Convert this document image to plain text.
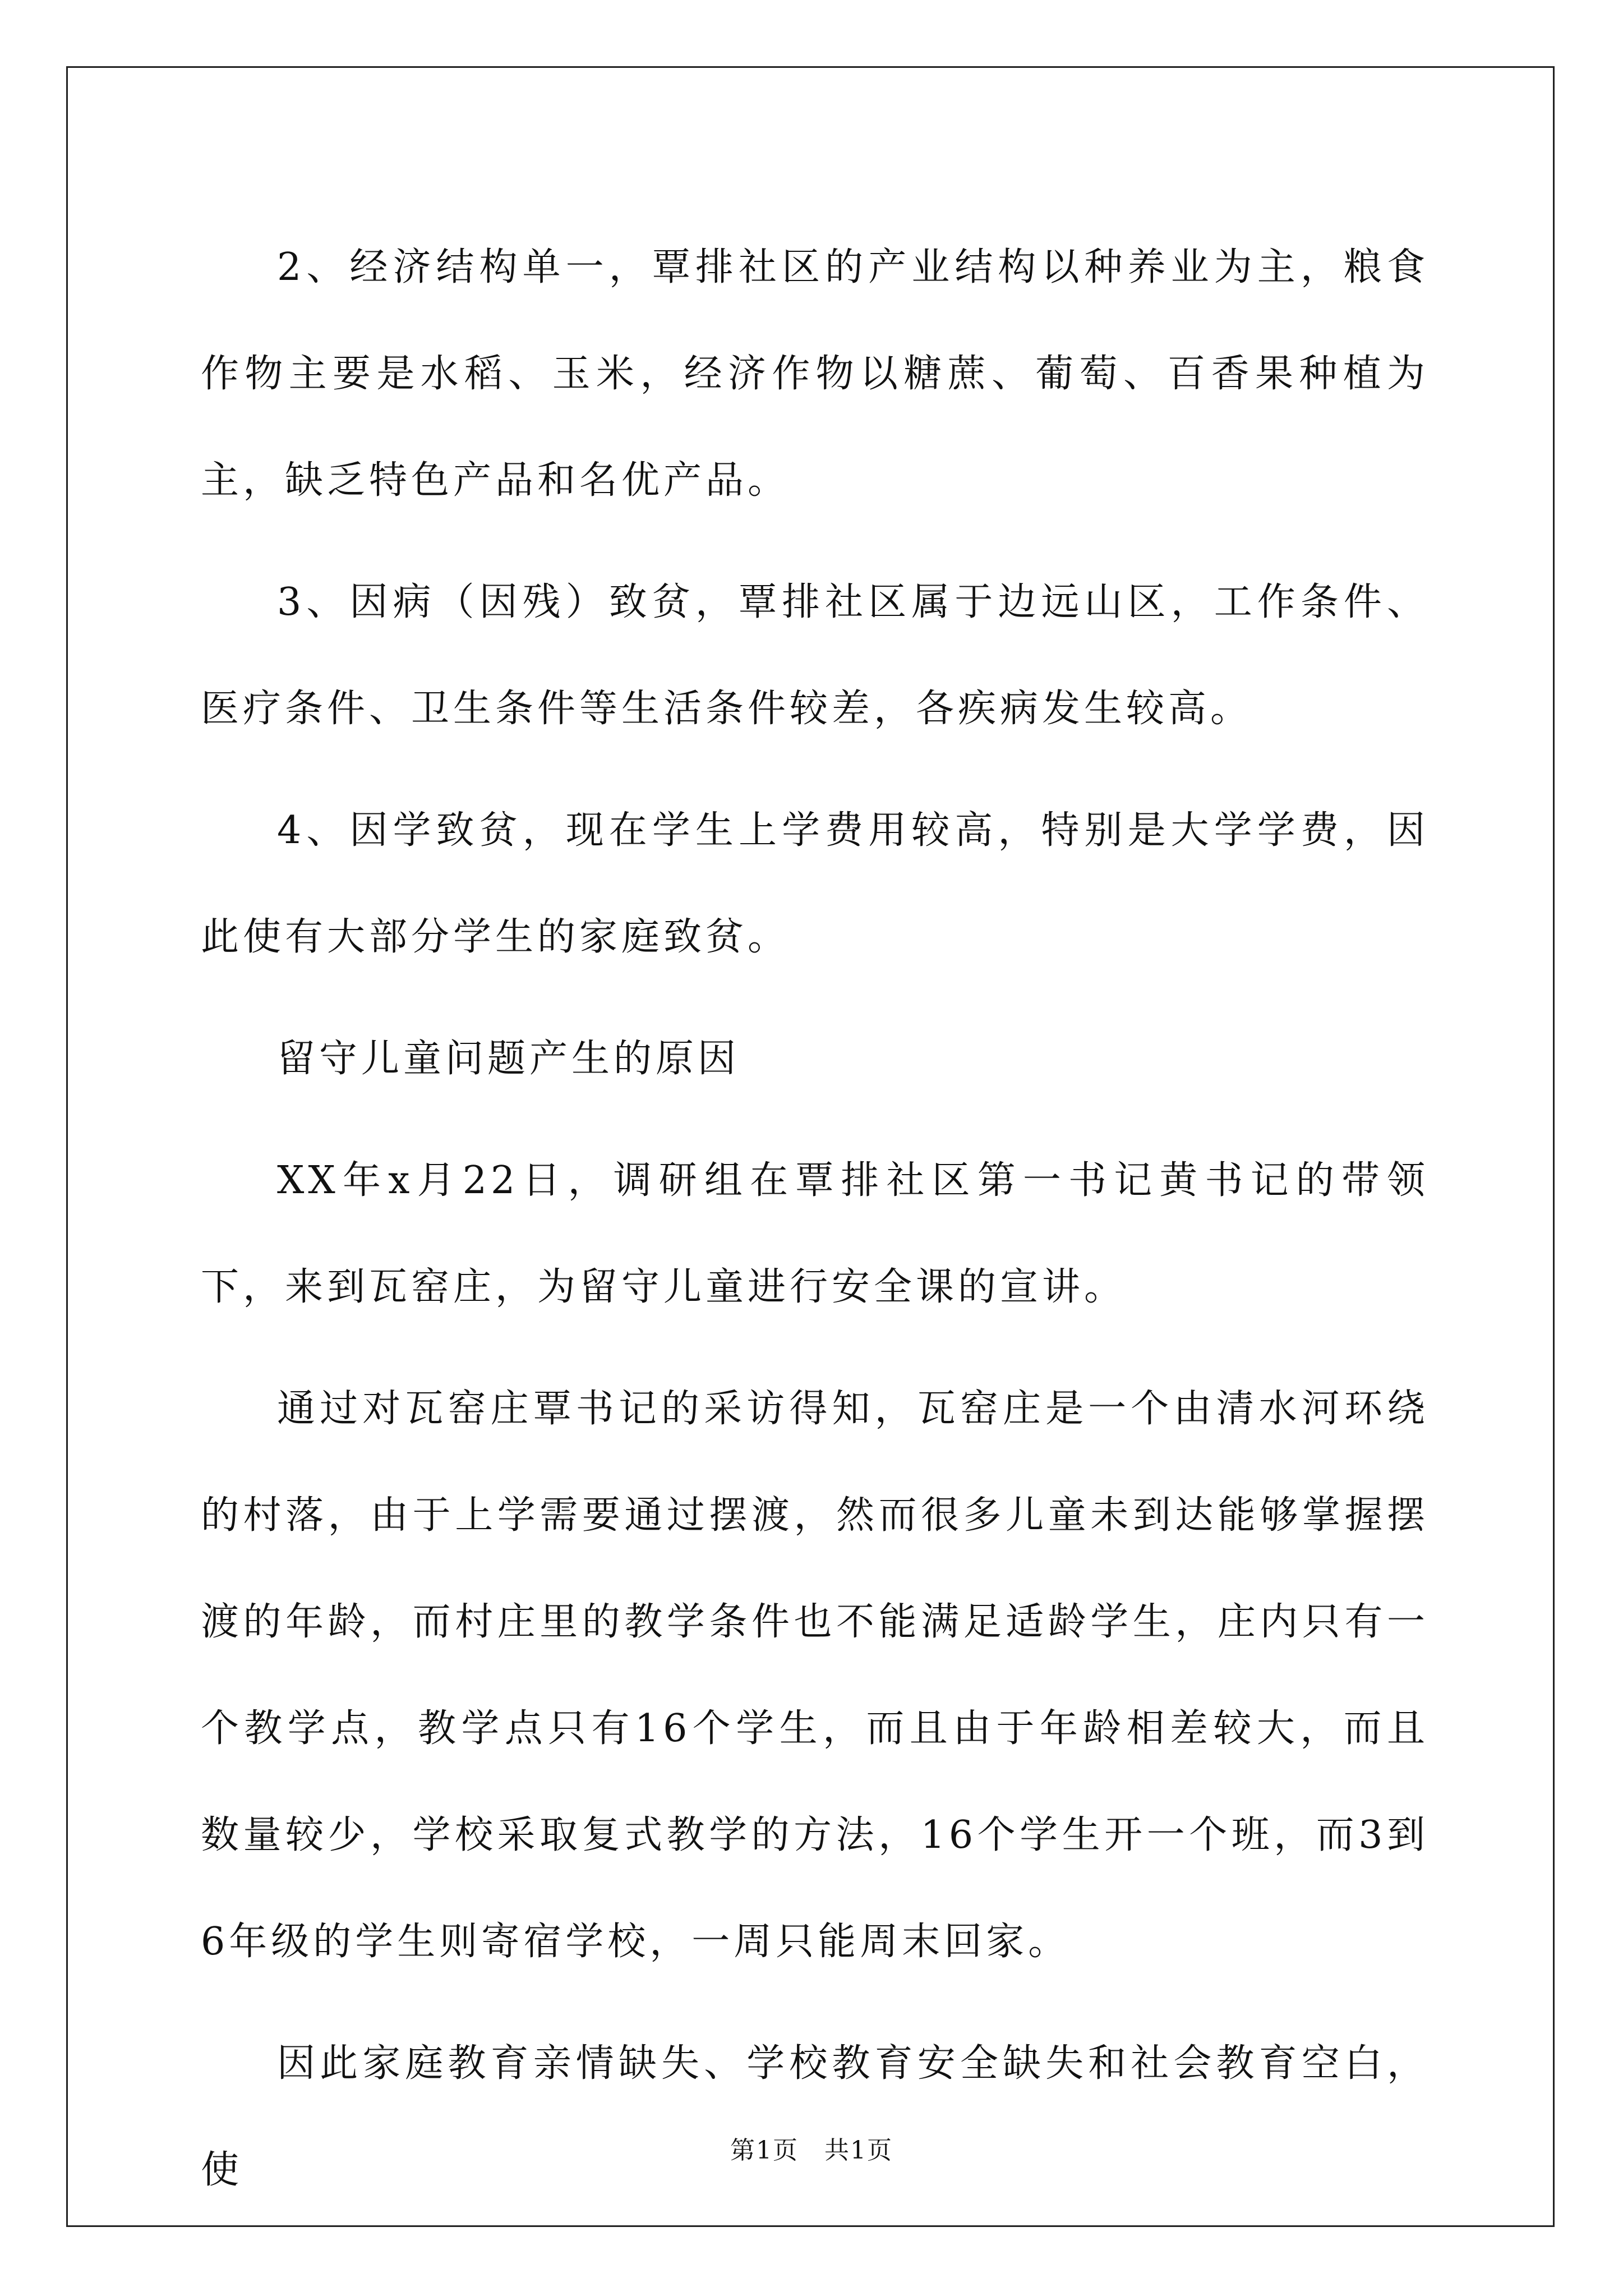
2、经济结构单一，覃排社区的产业结构以种养业为主，粮食作物主要是水稻、玉米，经济作物以糖蔗、葡萄、百香果种植为主，缺乏特色产品和名优产品。

3、因病（因残）致贫，覃排社区属于边远山区，工作条件、医疗条件、卫生条件等生活条件较差，各疾病发生较高。

4、因学致贫，现在学生上学费用较高，特别是大学学费，因此使有大部分学生的家庭致贫。

留守儿童问题产生的原因

XX年x月22日，调研组在覃排社区第一书记黄书记的带领下，来到瓦窑庄，为留守儿童进行安全课的宣讲。

通过对瓦窑庄覃书记的采访得知，瓦窑庄是一个由清水河环绕的村落，由于上学需要通过摆渡，然而很多儿童未到达能够掌握摆渡的年龄，而村庄里的教学条件也不能满足适龄学生，庄内只有一个教学点，教学点只有16个学生，而且由于年龄相差较大，而且数量较少，学校采取复式教学的方法，16个学生开一个班，而3到6年级的学生则寄宿学校，一周只能周末回家。

因此家庭教育亲情缺失、学校教育安全缺失和社会教育空白，使	第1页　共1页
